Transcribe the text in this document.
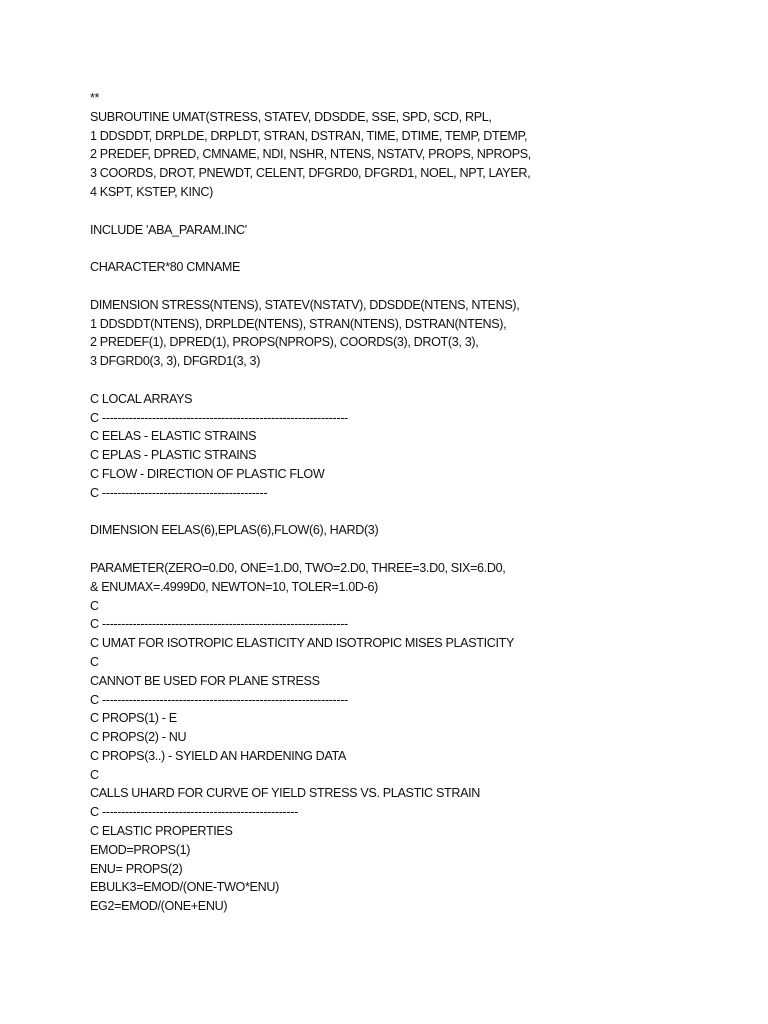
**
SUBROUTINE UMAT(STRESS, STATEV, DDSDDE, SSE, SPD, SCD, RPL,
1 DDSDDT, DRPLDE, DRPLDT, STRAN, DSTRAN, TIME, DTIME, TEMP, DTEMP,
2 PREDEF, DPRED, CMNAME, NDI, NSHR, NTENS, NSTATV, PROPS, NPROPS,
3 COORDS, DROT, PNEWDT, CELENT, DFGRD0, DFGRD1, NOEL, NPT, LAYER,
4 KSPT, KSTEP, KINC)
INCLUDE 'ABA_PARAM.INC'
CHARACTER*80 CMNAME
DIMENSION STRESS(NTENS), STATEV(NSTATV), DDSDDE(NTENS, NTENS),
1 DDSDDT(NTENS), DRPLDE(NTENS), STRAN(NTENS), DSTRAN(NTENS),
2 PREDEF(1), DPRED(1), PROPS(NPROPS), COORDS(3), DROT(3, 3),
3 DFGRD0(3, 3), DFGRD1(3, 3)
C LOCAL ARRAYS
C ----------------------------------------------------------------
C EELAS - ELASTIC STRAINS
C EPLAS - PLASTIC STRAINS
C FLOW - DIRECTION OF PLASTIC FLOW
C -------------------------------------------
DIMENSION EELAS(6),EPLAS(6),FLOW(6), HARD(3)
PARAMETER(ZERO=0.D0, ONE=1.D0, TWO=2.D0, THREE=3.D0, SIX=6.D0,
& ENUMAX=.4999D0, NEWTON=10, TOLER=1.0D-6)
C
C ----------------------------------------------------------------
C UMAT FOR ISOTROPIC ELASTICITY AND ISOTROPIC MISES PLASTICITY
C
CANNOT BE USED FOR PLANE STRESS
C ----------------------------------------------------------------
C PROPS(1) - E
C PROPS(2) - NU
C PROPS(3..) - SYIELD AN HARDENING DATA
C
CALLS UHARD FOR CURVE OF YIELD STRESS VS. PLASTIC STRAIN
C ---------------------------------------------------
C ELASTIC PROPERTIES
EMOD=PROPS(1)
ENU= PROPS(2)
EBULK3=EMOD/(ONE-TWO*ENU)
EG2=EMOD/(ONE+ENU)
